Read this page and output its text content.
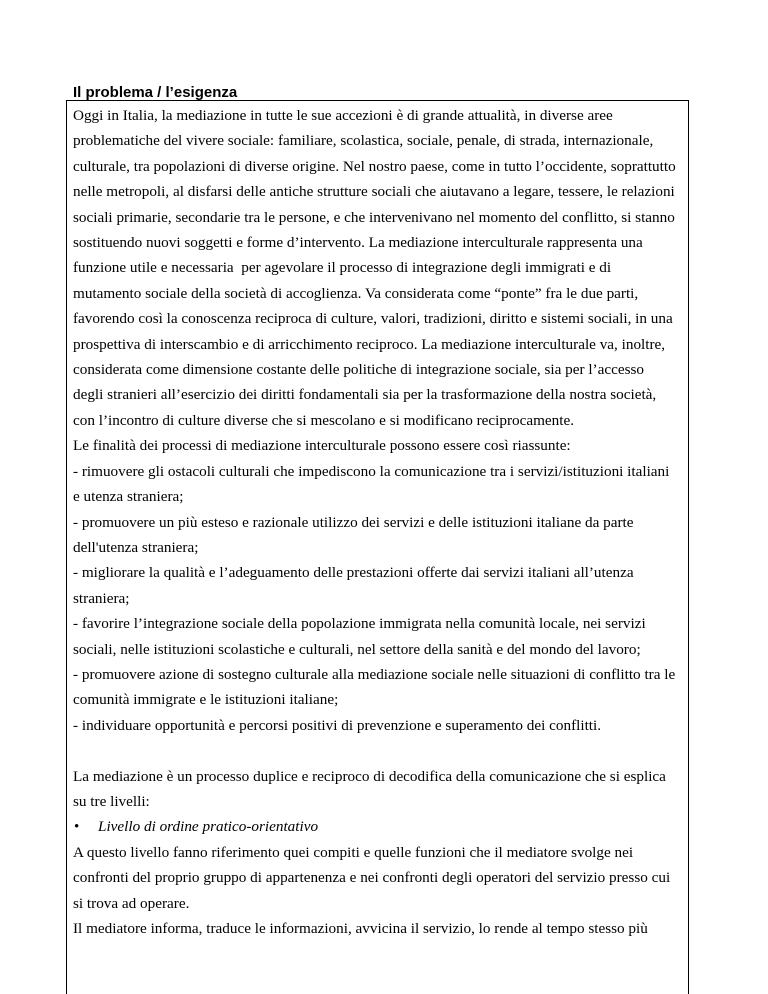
Il problema / l’esigenza

Oggi in Italia, la mediazione in tutte le sue accezioni è di grande attualità, in diverse aree

problematiche del vivere sociale: familiare, scolastica, sociale, penale, di strada, internazionale,

culturale, tra popolazioni di diverse origine. Nel nostro paese, come in tutto l’occidente, soprattutto

nelle metropoli, al disfarsi delle antiche strutture sociali che aiutavano a legare, tessere, le relazioni

sociali primarie, secondarie tra le persone, e che intervenivano nel momento del conflitto, si stanno

sostituendo nuovi soggetti e forme d’intervento. La mediazione interculturale rappresenta una

funzione utile e necessaria  per agevolare il processo di integrazione degli immigrati e di

mutamento sociale della società di accoglienza. Va considerata come “ponte” fra le due parti,

favorendo così la conoscenza reciproca di culture, valori, tradizioni, diritto e sistemi sociali, in una

prospettiva di interscambio e di arricchimento reciproco. La mediazione interculturale va, inoltre,

considerata come dimensione costante delle politiche di integrazione sociale, sia per l’accesso

degli stranieri all’esercizio dei diritti fondamentali sia per la trasformazione della nostra società,

con l’incontro di culture diverse che si mescolano e si modificano reciprocamente.

Le finalità dei processi di mediazione interculturale possono essere così riassunte:

- rimuovere gli ostacoli culturali che impediscono la comunicazione tra i servizi/istituzioni italiani

e utenza straniera;

- promuovere un più esteso e razionale utilizzo dei servizi e delle istituzioni italiane da parte

dell'utenza straniera;

- migliorare la qualità e l’adeguamento delle prestazioni offerte dai servizi italiani all’utenza

straniera;

- favorire l’integrazione sociale della popolazione immigrata nella comunità locale, nei servizi

sociali, nelle istituzioni scolastiche e culturali, nel settore della sanità e del mondo del lavoro;

- promuovere azione di sostegno culturale alla mediazione sociale nelle situazioni di conflitto tra le

comunità immigrate e le istituzioni italiane;

- individuare opportunità e percorsi positivi di prevenzione e superamento dei conflitti.

La mediazione è un processo duplice e reciproco di decodifica della comunicazione che si esplica

su tre livelli:

•	Livello di ordine pratico-orientativo

A questo livello fanno riferimento quei compiti e quelle funzioni che il mediatore svolge nei

confronti del proprio gruppo di appartenenza e nei confronti degli operatori del servizio presso cui

si trova ad operare.

Il mediatore informa, traduce le informazioni, avvicina il servizio, lo rende al tempo stesso più
